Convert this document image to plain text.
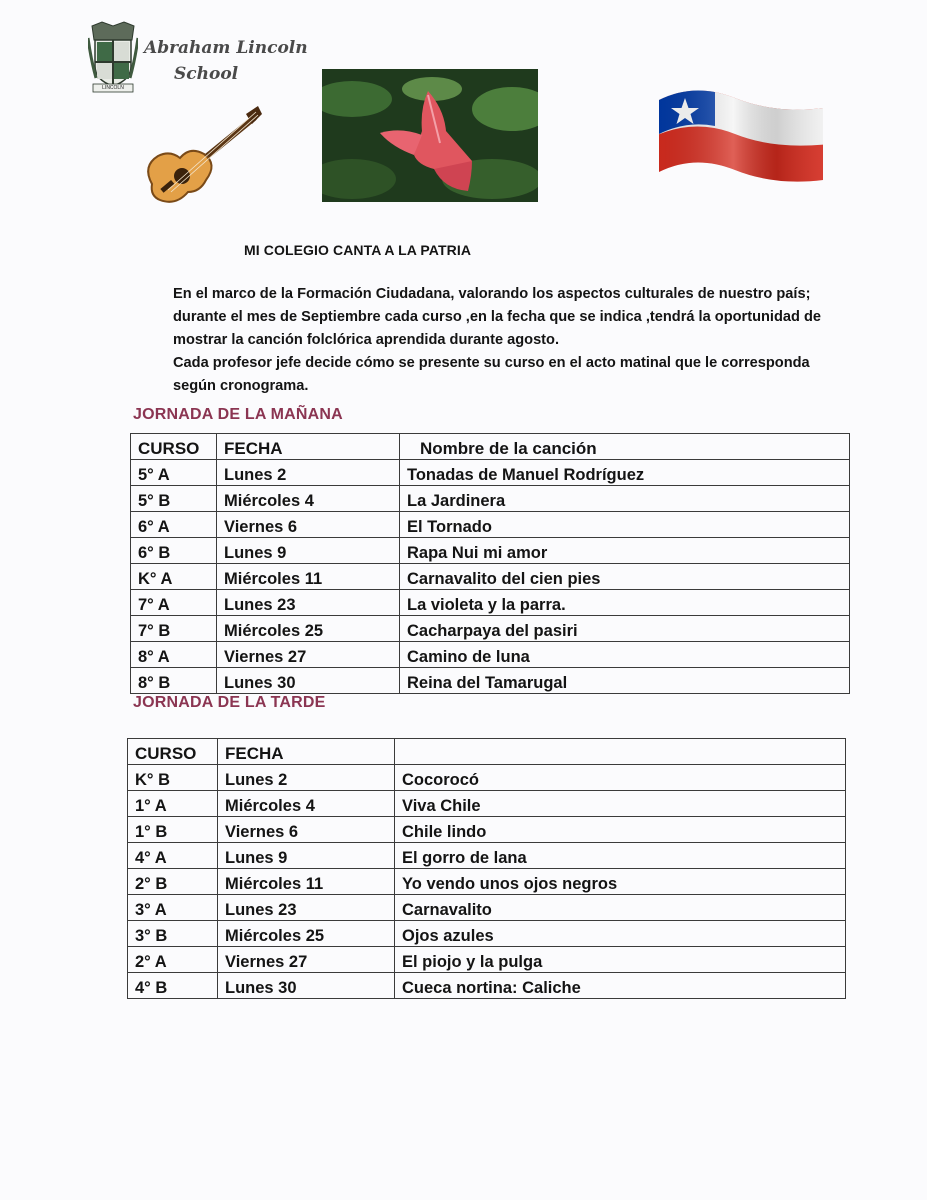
LINCOLN
Abraham Lincoln
School
MI COLEGIO CANTA A LA PATRIA

En el marco de la Formación Ciudadana, valorando los aspectos culturales de nuestro país; durante el mes de Septiembre cada curso ,en la fecha que se indica ,tendrá la oportunidad de mostrar la canción folclórica aprendida durante agosto.

Cada profesor jefe decide cómo se presente su curso en el acto matinal que le corresponda según cronograma.

JORNADA DE LA MAÑANA
CURSO	FECHA	Nombre de la canción
5° A	Lunes 2	Tonadas de Manuel Rodríguez
5° B	Miércoles 4	La Jardinera
6° A	Viernes 6	El Tornado
6° B	Lunes 9	Rapa Nui mi amor
K° A	Miércoles 11	Carnavalito del cien pies
7° A	Lunes 23	La violeta y la parra.
7° B	Miércoles 25	Cacharpaya del pasiri
8° A	Viernes 27	Camino de luna
8° B	Lunes 30	Reina del Tamarugal
JORNADA DE LA TARDE
CURSO	FECHA	
K° B	Lunes 2	Cocorocó
1° A	Miércoles 4	Viva Chile
1° B	Viernes 6	Chile lindo
4° A	Lunes 9	El gorro de lana
2° B	Miércoles 11	Yo vendo unos ojos negros
3° A	Lunes 23	Carnavalito
3° B	Miércoles 25	Ojos azules
2° A	Viernes 27	El piojo y la pulga
4° B	Lunes 30	Cueca nortina: Caliche
